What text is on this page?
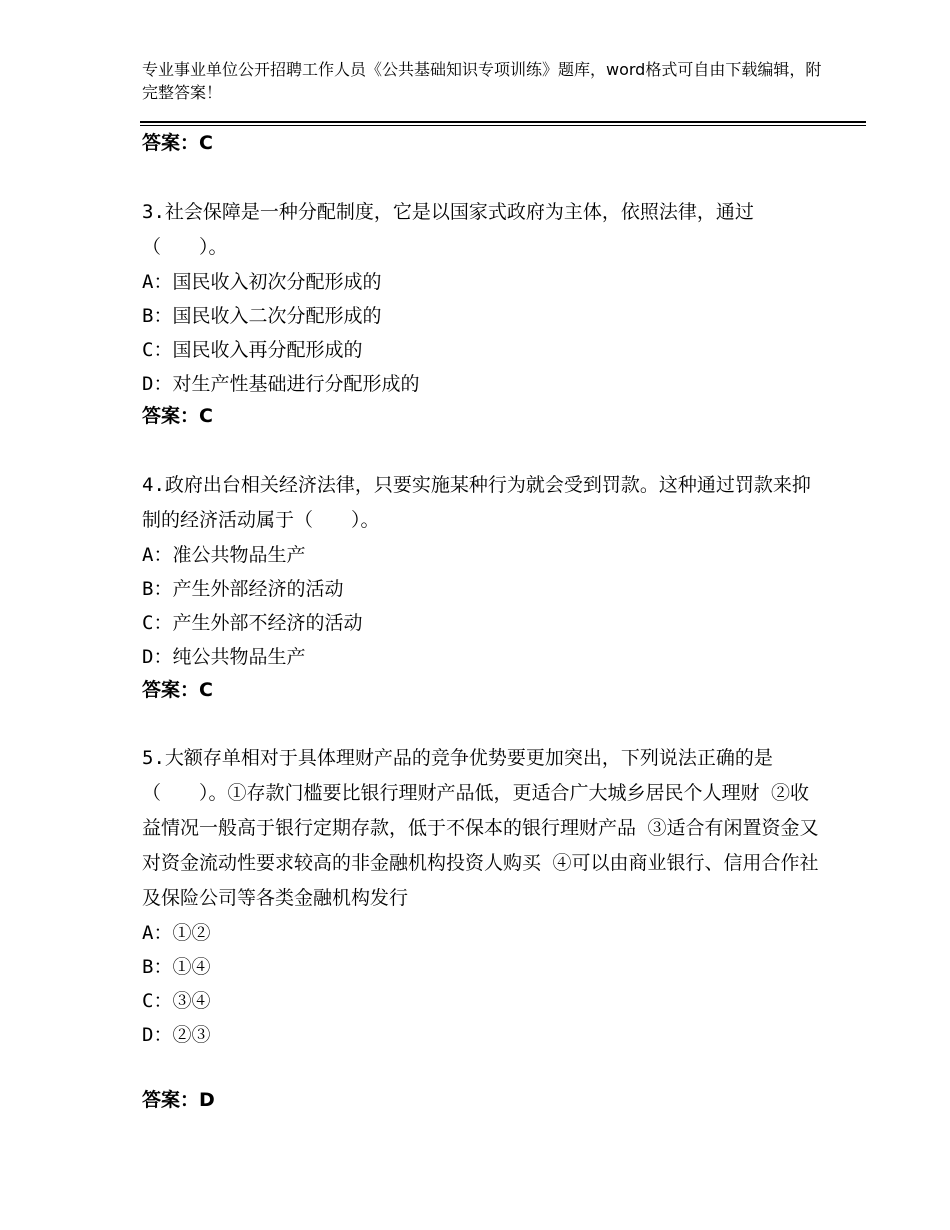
专业事业单位公开招聘工作人员《公共基础知识专项训练》题库，word格式可自由下载编辑，附完整答案！
答案：C
3.社会保障是一种分配制度，它是以国家式政府为主体，依照法律，通过（　　）。
A：国民收入初次分配形成的
B：国民收入二次分配形成的
C：国民收入再分配形成的
D：对生产性基础进行分配形成的
答案：C
4.政府出台相关经济法律，只要实施某种行为就会受到罚款。这种通过罚款来抑制的经济活动属于（　　）。
A：准公共物品生产
B：产生外部经济的活动
C：产生外部不经济的活动
D：纯公共物品生产
答案：C
5.大额存单相对于具体理财产品的竞争优势要更加突出，下列说法正确的是（　　）。①存款门槛要比银行理财产品低，更适合广大城乡居民个人理财 ②收益情况一般高于银行定期存款，低于不保本的银行理财产品 ③适合有闲置资金又对资金流动性要求较高的非金融机构投资人购买 ④可以由商业银行、信用合作社及保险公司等各类金融机构发行
A：①②
B：①④
C：③④
D：②③
答案：D
